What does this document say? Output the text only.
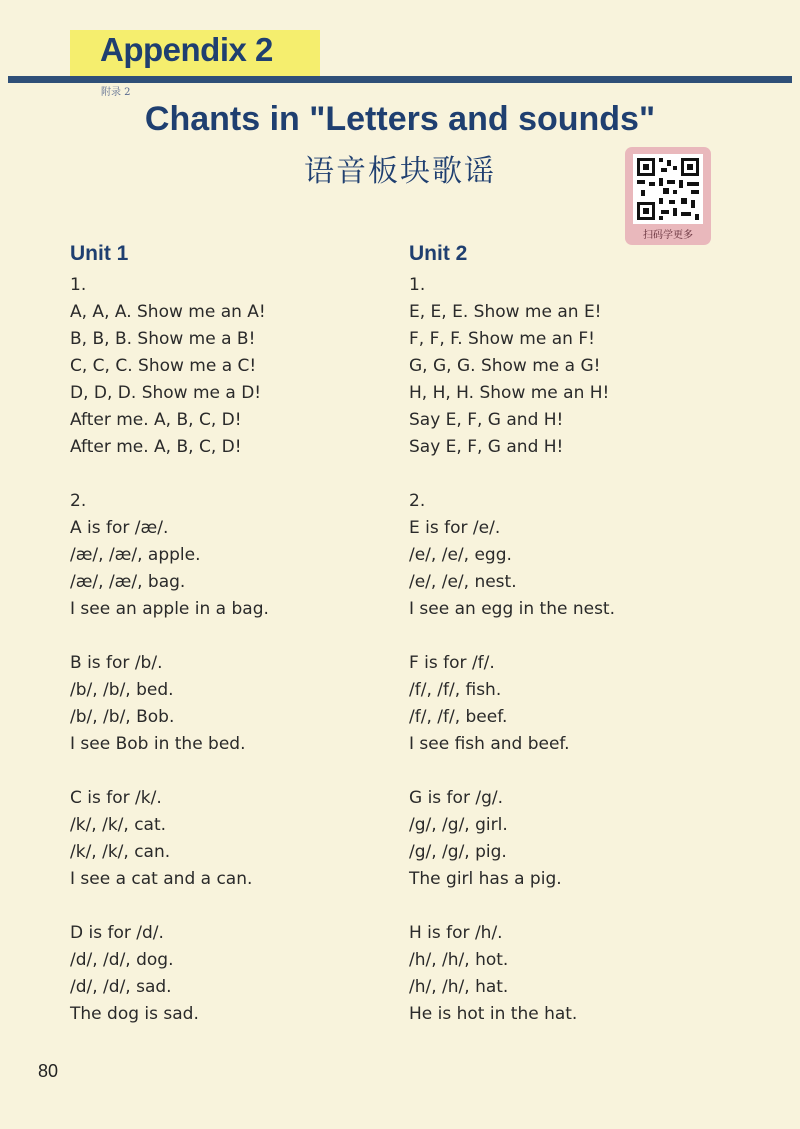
Appendix 2
附录 2
Chants in "Letters and sounds"
语音板块歌谣
扫码学更多
Unit 1
1.
A, A, A. Show me an A!
B, B, B. Show me a B!
C, C, C. Show me a C!
D, D, D. Show me a D!
After me. A, B, C, D!
After me. A, B, C, D!
2.
A is for /æ/.
/æ/, /æ/, apple.
/æ/, /æ/, bag.
I see an apple in a bag.
B is for /b/.
/b/, /b/, bed.
/b/, /b/, Bob.
I see Bob in the bed.
C is for /k/.
/k/, /k/, cat.
/k/, /k/, can.
I see a cat and a can.
D is for /d/.
/d/, /d/, dog.
/d/, /d/, sad.
The dog is sad.
Unit 2
1.
E, E, E. Show me an E!
F, F, F. Show me an F!
G, G, G. Show me a G!
H, H, H. Show me an H!
Say E, F, G and H!
Say E, F, G and H!
2.
E is for /e/.
/e/, /e/, egg.
/e/, /e/, nest.
I see an egg in the nest.
F is for /f/.
/f/, /f/, fish.
/f/, /f/, beef.
I see fish and beef.
G is for /g/.
/g/, /g/, girl.
/g/, /g/, pig.
The girl has a pig.
H is for /h/.
/h/, /h/, hot.
/h/, /h/, hat.
He is hot in the hat.
80
